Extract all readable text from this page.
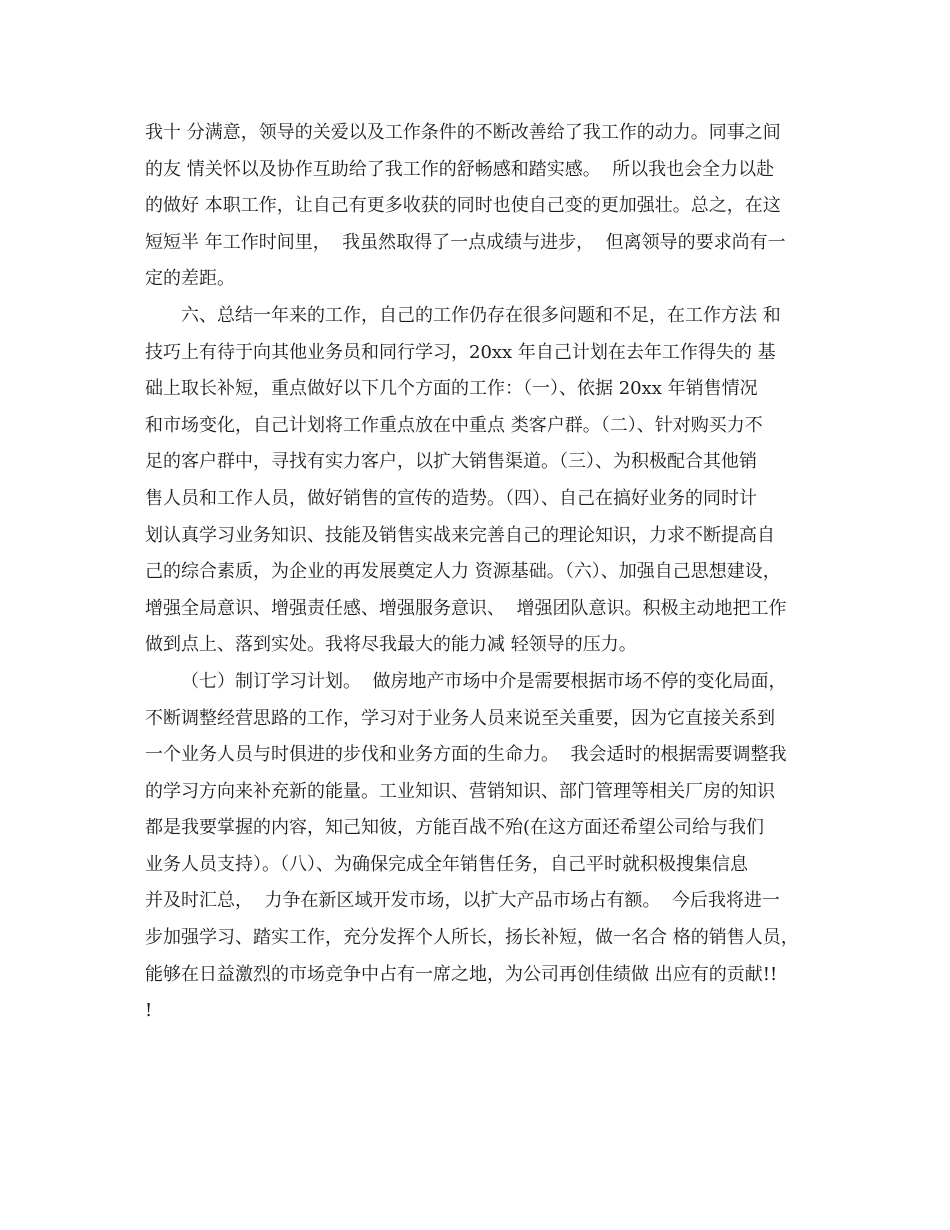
我十 分满意，领导的关爱以及工作条件的不断改善给了我工作的动力。同事之间
的友 情关怀以及协作互助给了我工作的舒畅感和踏实感。  所以我也会全力以赴
的做好 本职工作，让自己有更多收获的同时也使自己变的更加强壮。总之，在这
短短半 年工作时间里，  我虽然取得了一点成绩与进步，  但离领导的要求尚有一
定的差距。
六、总结一年来的工作，自己的工作仍存在很多问题和不足，在工作方法 和
技巧上有待于向其他业务员和同行学习，20xx 年自己计划在去年工作得失的 基
础上取长补短，重点做好以下几个方面的工作：（一）、依据 20xx 年销售情况
和市场变化，自己计划将工作重点放在中重点 类客户群。（二）、针对购买力不
足的客户群中，寻找有实力客户，以扩大销售渠道。（三）、为积极配合其他销
售人员和工作人员，做好销售的宣传的造势。（四）、自己在搞好业务的同时计
划认真学习业务知识、技能及销售实战来完善自己的理论知识，力求不断提高自
己的综合素质，为企业的再发展奠定人力 资源基础。（六）、加强自己思想建设，
增强全局意识、增强责任感、增强服务意识、  增强团队意识。积极主动地把工作
做到点上、落到实处。我将尽我最大的能力减 轻领导的压力。
（七）制订学习计划。  做房地产市场中介是需要根据市场不停的变化局面，
不断调整经营思路的工作，学习对于业务人员来说至关重要，因为它直接关系到
一个业务人员与时俱进的步伐和业务方面的生命力。  我会适时的根据需要调整我
的学习方向来补充新的能量。工业知识、营销知识、部门管理等相关厂房的知识
都是我要掌握的内容，知己知彼，方能百战不殆(在这方面还希望公司给与我们
业务人员支持）。（八）、为确保完成全年销售任务，自己平时就积极搜集信息
并及时汇总，  力争在新区域开发市场，以扩大产品市场占有额。  今后我将进一
步加强学习、踏实工作，充分发挥个人所长，扬长补短，做一名合 格的销售人员，
能够在日益激烈的市场竞争中占有一席之地，为公司再创佳绩做 出应有的贡献!!
!
